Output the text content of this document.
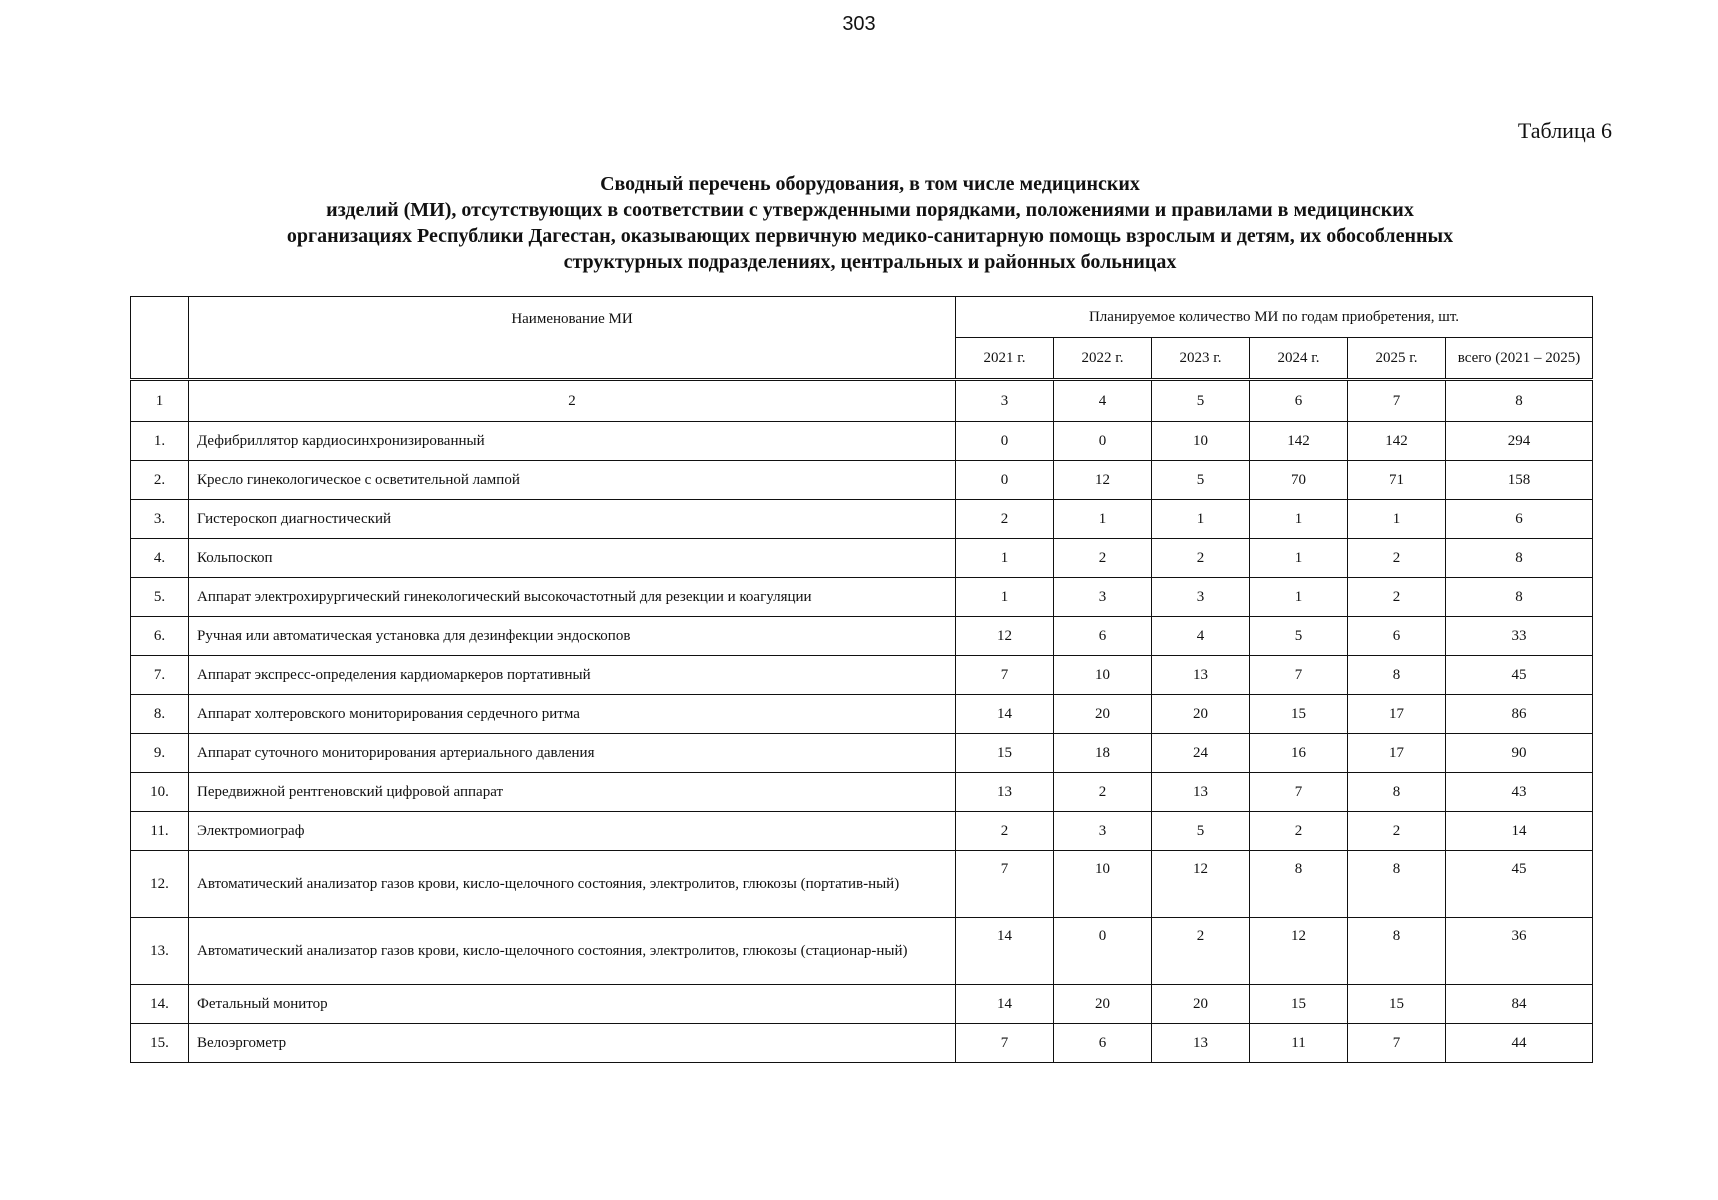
303
Таблица 6
Сводный перечень оборудования, в том числе медицинских
изделий (МИ), отсутствующих в соответствии с утвержденными порядками, положениями и правилами в медицинских
организациях Республики Дагестан, оказывающих первичную медико-санитарную помощь взрослым и детям, их обособленных
структурных подразделениях, центральных и районных больницах
	Наименование МИ	Планируемое количество МИ по годам приобретения, шт.					
		2021 г.	2022 г.	2023 г.	2024 г.	2025 г.	всего (2021 – 2025)
1	2	3	4	5	6	7	8
1.	Дефибриллятор кардиосинхронизированный	0	0	10	142	142	294
2.	Кресло гинекологическое с осветительной лампой	0	12	5	70	71	158
3.	Гистероскоп диагностический	2	1	1	1	1	6
4.	Кольпоскоп	1	2	2	1	2	8
5.	Аппарат электрохирургический гинекологический высокочастотный для резекции и коагуляции	1	3	3	1	2	8
6.	Ручная или автоматическая установка для дезинфекции эндоскопов	12	6	4	5	6	33
7.	Аппарат экспресс-определения кардиомаркеров портативный	7	10	13	7	8	45
8.	Аппарат холтеровского мониторирования сердечного ритма	14	20	20	15	17	86
9.	Аппарат суточного мониторирования артериального давления	15	18	24	16	17	90
10.	Передвижной рентгеновский цифровой аппарат	13	2	13	7	8	43
11.	Электромиограф	2	3	5	2	2	14
12.	Автоматический анализатор газов крови, кисло-щелочного состояния, электролитов, глюкозы (портатив-ный)	7	10	12	8	8	45
13.	Автоматический анализатор газов крови, кисло-щелочного состояния, электролитов, глюкозы (стационар-ный)	14	0	2	12	8	36
14.	Фетальный монитор	14	20	20	15	15	84
15.	Велоэргометр	7	6	13	11	7	44
